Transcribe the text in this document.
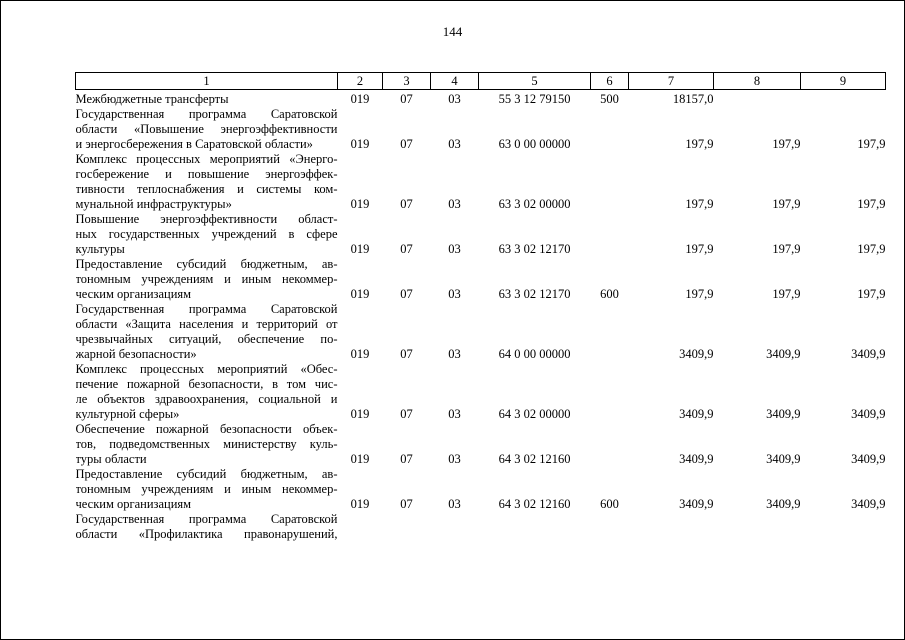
144
1	2	3	4	5	6	7	8	9

Межбюджетные трансферты	019	07	03	55 3 12 79150	500	18157,0		

Государственная программа Саратовской
области «Повышение энергоэффективности
и энергосбережения в Саратовской области»	019	07	03	63 0 00 00000		197,9	197,9	197,9

Комплекс процессных мероприятий «Энерго-
госбережение и повышение энергоэффек-
тивности теплоснабжения и системы ком-
мунальной инфраструктуры»	019	07	03	63 3 02 00000		197,9	197,9	197,9

Повышение энергоэффективности област-
ных государственных учреждений в сфере
культуры	019	07	03	63 3 02 12170		197,9	197,9	197,9

Предоставление субсидий бюджетным, ав-
тономным учреждениям и иным некоммер-
ческим организациям	019	07	03	63 3 02 12170	600	197,9	197,9	197,9

Государственная программа Саратовской
области «Защита населения и территорий от
чрезвычайных ситуаций, обеспечение по-
жарной безопасности»	019	07	03	64 0 00 00000		3409,9	3409,9	3409,9

Комплекс процессных мероприятий «Обес-
печение пожарной безопасности, в том чис-
ле объектов здравоохранения, социальной и
культурной сферы»	019	07	03	64 3 02 00000		3409,9	3409,9	3409,9

Обеспечение пожарной безопасности объек-
тов, подведомственных министерству куль-
туры области	019	07	03	64 3 02 12160		3409,9	3409,9	3409,9

Предоставление субсидий бюджетным, ав-
тономным учреждениям и иным некоммер-
ческим организациям	019	07	03	64 3 02 12160	600	3409,9	3409,9	3409,9

Государственная программа Саратовской
области «Профилактика правонарушений,								
